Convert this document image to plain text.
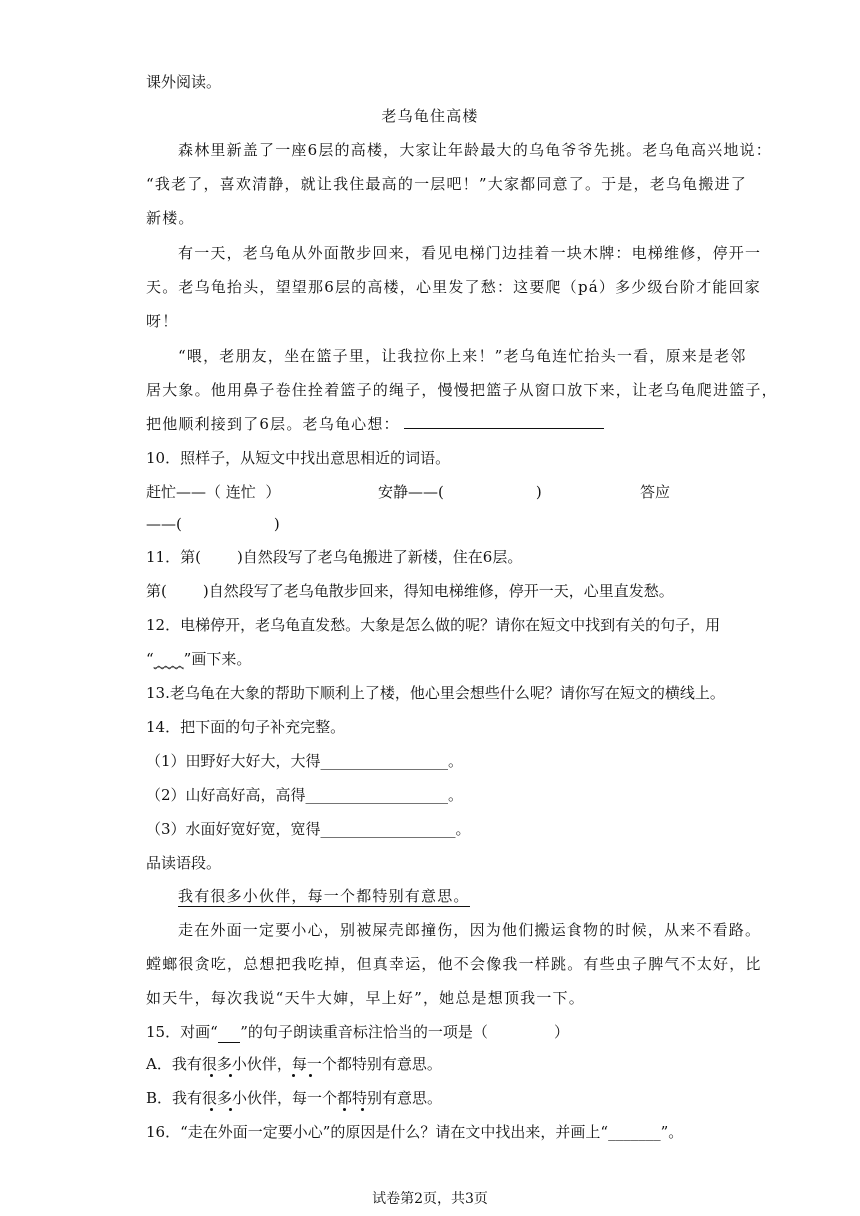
课外阅读。
老乌龟住高楼
森林里新盖了一座6层的高楼，大家让年龄最大的乌龟爷爷先挑。老乌龟高兴地说：
“我老了，喜欢清静，就让我住最高的一层吧！”大家都同意了。于是，老乌龟搬进了
新楼。
有一天，老乌龟从外面散步回来，看见电梯门边挂着一块木牌：电梯维修，停开一
天。老乌龟抬头，望望那6层的高楼，心里发了愁：这要爬（pá）多少级台阶才能回家
呀！
“喂，老朋友，坐在篮子里，让我拉你上来！”老乌龟连忙抬头一看，原来是老邻
居大象。他用鼻子卷住拴着篮子的绳子，慢慢把篮子从窗口放下来，让老乌龟爬进篮子，
把他顺利接到了6层。老乌龟心想：
10．照样子，从短文中找出意思相近的词语。
赶忙——（ 连忙 ）	安静——(	)	答应
——(	)
11．第( )自然段写了老乌龟搬进了新楼，住在6层。
第( )自然段写了老乌龟散步回来，得知电梯维修，停开一天，心里直发愁。
12．电梯停开，老乌龟直发愁。大象是怎么做的呢？请你在短文中找到有关的句子，用
“____”画下来。
13.老乌龟在大象的帮助下顺利上了楼，他心里会想些什么呢？请你写在短文的横线上。
14．把下面的句子补充完整。
（1）田野好大好大，大得_________________。
（2）山好高好高，高得___________________。
（3）水面好宽好宽，宽得__________________。
品读语段。
我有很多小伙伴，每一个都特别有意思。
走在外面一定要小心，别被屎壳郎撞伤，因为他们搬运食物的时候，从来不看路。
螳螂很贪吃，总想把我吃掉，但真幸运，他不会像我一样跳。有些虫子脾气不太好，比
如天牛，每次我说“天牛大婶，早上好”，她总是想顶我一下。
15．对画“ ”的句子朗读重音标注恰当的一项是（	）
A．我有很多小伙伴，每一个都特别有意思。
B．我有很多小伙伴，每一个都特别有意思。
16．“走在外面一定要小心”的原因是什么？请在文中找出来，并画上“_______”。
试卷第2页，共3页
